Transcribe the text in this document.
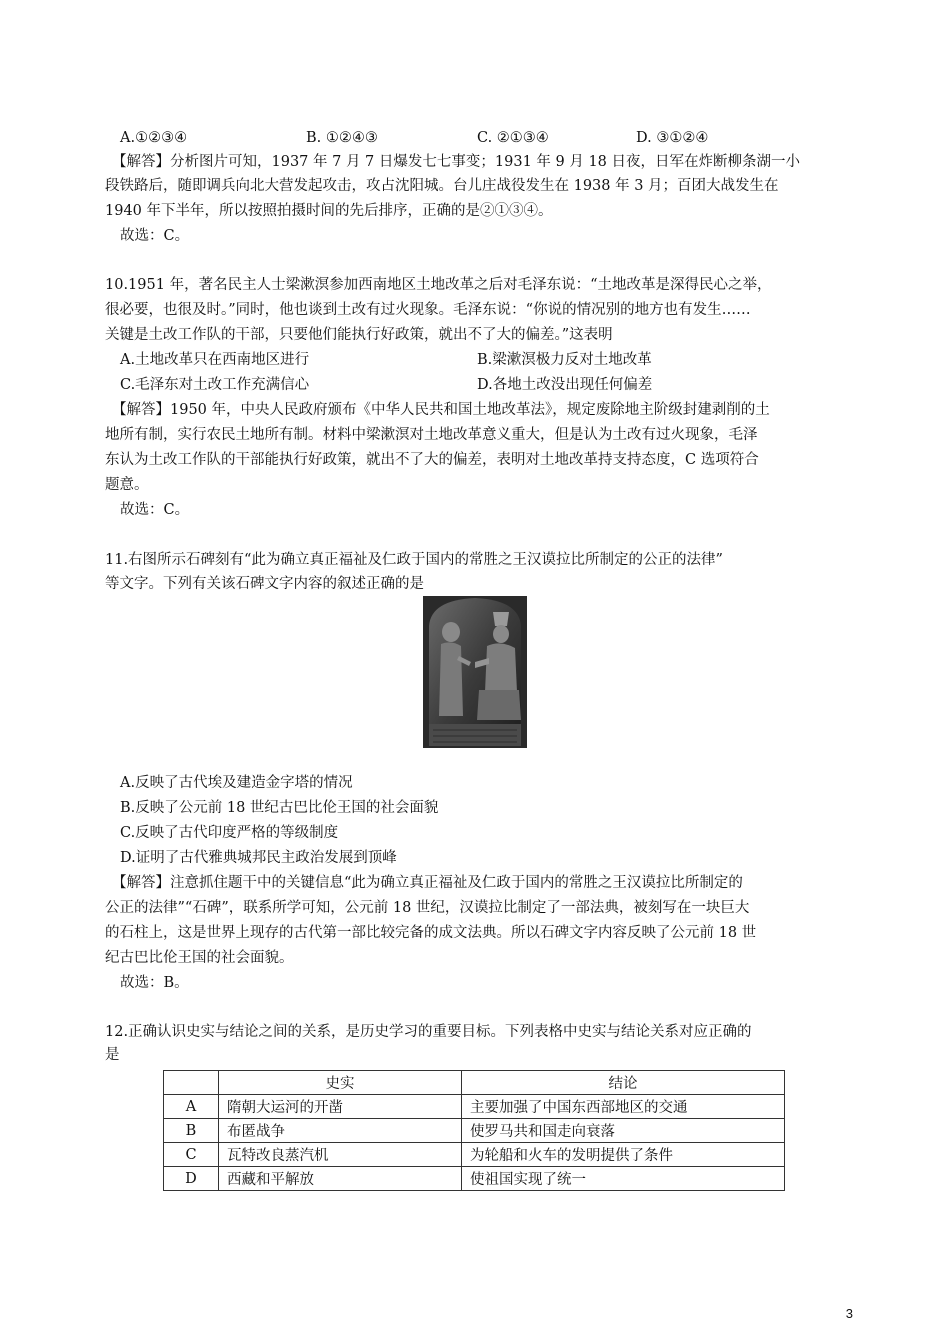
A.①②③④	B. ①②④③	C. ②①③④	D. ③①②④
【解答】分析图片可知，1937 年 7 月 7 日爆发七七事变；1931 年 9 月 18 日夜，日军在炸断柳条湖一小
段铁路后，随即调兵向北大营发起攻击，攻占沈阳城。台儿庄战役发生在 1938 年 3 月；百团大战发生在
1940 年下半年，所以按照拍摄时间的先后排序，正确的是②①③④。
故选：C。
10.1951 年，著名民主人士梁漱溟参加西南地区土地改革之后对毛泽东说：“土地改革是深得民心之举，
很必要，也很及时。”同时，他也谈到土改有过火现象。毛泽东说：“你说的情况别的地方也有发生……
关键是土改工作队的干部，只要他们能执行好政策，就出不了大的偏差。”这表明
A.土地改革只在西南地区进行	B.梁漱溟极力反对土地改革
C.毛泽东对土改工作充满信心	D.各地土改没出现任何偏差
【解答】1950 年，中央人民政府颁布《中华人民共和国土地改革法》，规定废除地主阶级封建剥削的土
地所有制，实行农民土地所有制。材料中梁漱溟对土地改革意义重大，但是认为土改有过火现象，毛泽
东认为土改工作队的干部能执行好政策，就出不了大的偏差，表明对土地改革持支持态度，C 选项符合
题意。
故选：C。
11.右图所示石碑刻有“此为确立真正福祉及仁政于国内的常胜之王汉谟拉比所制定的公正的法律”
等文字。下列有关该石碑文字内容的叙述正确的是
A.反映了古代埃及建造金字塔的情况
B.反映了公元前 18 世纪古巴比伦王国的社会面貌
C.反映了古代印度严格的等级制度
D.证明了古代雅典城邦民主政治发展到顶峰
【解答】注意抓住题干中的关键信息“此为确立真正福祉及仁政于国内的常胜之王汉谟拉比所制定的
公正的法律”“石碑”，联系所学可知，公元前 18 世纪，汉谟拉比制定了一部法典，被刻写在一块巨大
的石柱上，这是世界上现存的古代第一部比较完备的成文法典。所以石碑文字内容反映了公元前 18 世
纪古巴比伦王国的社会面貌。
故选：B。
12.正确认识史实与结论之间的关系，是历史学习的重要目标。下列表格中史实与结论关系对应正确的
是
	史实	结论
A	隋朝大运河的开凿	主要加强了中国东西部地区的交通
B	布匿战争	使罗马共和国走向衰落
C	瓦特改良蒸汽机	为轮船和火车的发明提供了条件
D	西藏和平解放	使祖国实现了统一
3
